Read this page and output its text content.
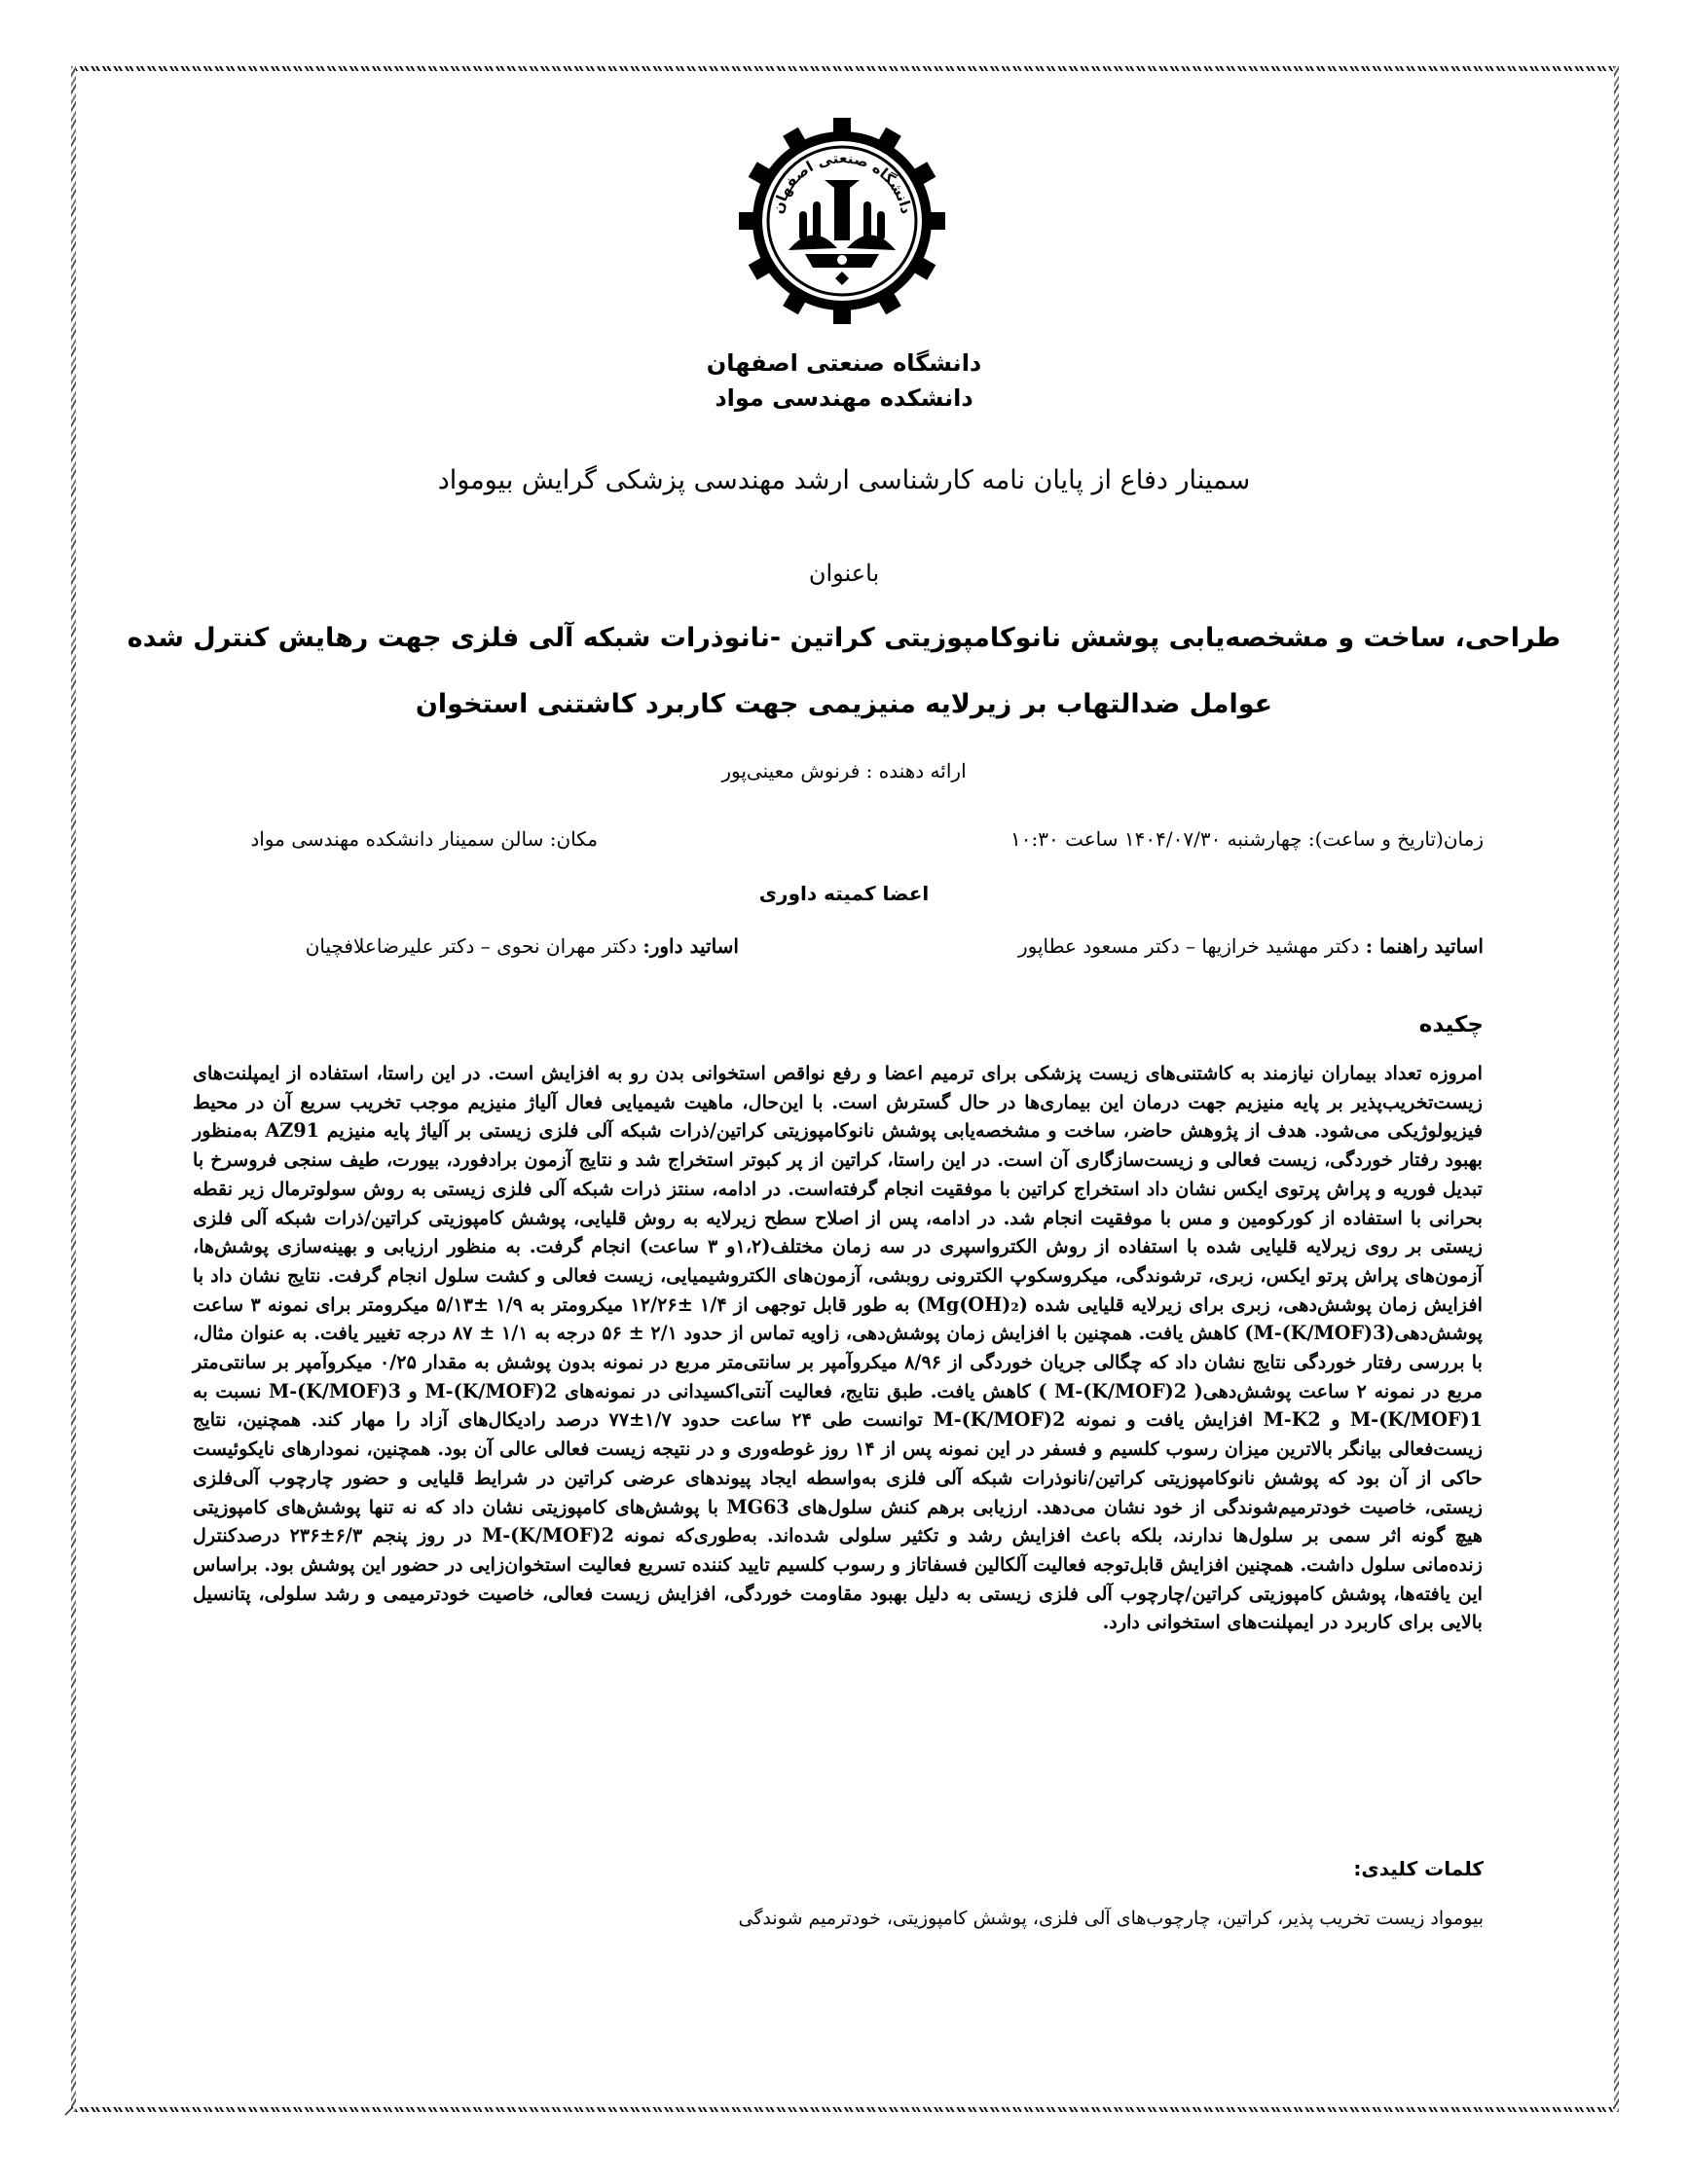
دانشگاه صنعتی اصفهان
دانشگاه صنعتی اصفهان
دانشکده مهندسی مواد
سمینار دفاع از پایان نامه کارشناسی ارشد مهندسی پزشکی گرایش بیومواد
باعنوان
طراحی، ساخت و مشخصه‌یابی پوشش نانوکامپوزیتی کراتین -نانوذرات شبکه آلی فلزی جهت رهایش کنترل شده
عوامل ضدالتهاب بر زیرلایه منیزیمی جهت کاربرد کاشتنی استخوان
ارائه دهنده : فرنوش معینی‌پور
زمان(تاریخ و ساعت): چهارشنبه ۱۴۰۴/۰۷/۳۰ ساعت ۱۰:۳۰
مکان: سالن سمینار دانشکده مهندسی مواد
اعضا کمیته داوری
اساتید راهنما : دکتر مهشید خرازیها – دکتر مسعود عطاپور
اساتید داور: دکتر مهران نحوی – دکتر علیرضاعلافچیان
چکیده
امروزه تعداد بیماران نیازمند به کاشتنی‌های زیست پزشکی برای ترمیم اعضا و رفع نواقص استخوانی بدن رو به افزایش است. در این راستا، استفاده از ایمپلنت‌های زیست‌تخریب‌پذیر بر پایه منیزیم جهت درمان این بیماری‌ها در حال گسترش است. با این‌حال، ماهیت شیمیایی فعال آلیاژ منیزیم موجب تخریب سریع آن در محیط فیزیولوژیکی می‌شود. هدف از پژوهش حاضر، ساخت و مشخصه‌یابی پوشش نانوکامپوزیتی کراتین/ذرات شبکه آلی فلزی زیستی بر آلیاژ پایه منیزیم AZ91 به‌منظور بهبود رفتار خوردگی، زیست فعالی و زیست‌سازگاری آن است. در این راستا، کراتین از پر کبوتر استخراج شد و نتایج آزمون برادفورد، بیورت، طیف سنجی فروسرخ با تبدیل فوریه و پراش پرتوی ایکس نشان داد استخراج کراتین با موفقیت انجام گرفته‌است. در ادامه، سنتز ذرات شبکه آلی فلزی زیستی به روش سولوترمال زیر نقطه بحرانی با استفاده از کورکومین و مس با موفقیت انجام شد. در ادامه، پس از اصلاح سطح زیرلایه به روش قلیایی، پوشش کامپوزیتی کراتین/ذرات شبکه آلی فلزی زیستی بر روی زیرلایه قلیایی شده با استفاده از روش الکترواسپری در سه زمان مختلف(۱،۲و ۳ ساعت) انجام گرفت. به منظور ارزیابی و بهینه‌سازی پوشش‌ها، آزمون‌های پراش پرتو ایکس، زبری، ترشوندگی، میکروسکوپ الکترونی روبشی، آزمون‌های الکتروشیمیایی، زیست فعالی و کشت سلول انجام گرفت. نتایج نشان داد با افزایش زمان پوشش‌دهی، زبری برای زیرلایه قلیایی شده (Mg(OH)₂) به طور قابل توجهی از ۱/۴ ±۱۲/۲۶ میکرومتر به ۱/۹ ±۵/۱۳ میکرومتر برای نمونه ۳ ساعت پوشش‌دهی(M-(K/MOF)3) کاهش یافت. همچنین با افزایش زمان پوشش‌دهی، زاویه تماس از حدود ۲/۱ ± ۵۶ درجه به ۱/۱ ± ۸۷ درجه تغییر یافت. به عنوان مثال، با بررسی رفتار خوردگی نتایج نشان داد که چگالی جریان خوردگی از ۸/۹۶ میکروآمپر بر سانتی‌متر مربع در نمونه بدون پوشش به مقدار ۰/۲۵ میکروآمپر بر سانتی‌متر مربع در نمونه ۲ ساعت پوشش‌دهی( M-(K/MOF)2 ) کاهش یافت. طبق نتایج، فعالیت آنتی‌اکسیدانی در نمونه‌های M-(K/MOF)2 و M-(K/MOF)3 نسبت به M-(K/MOF)1 و M-K2 افزایش یافت و نمونه M-(K/MOF)2 توانست طی ۲۴ ساعت حدود ۱/۷±۷۷ درصد رادیکال‌های آزاد را مهار کند. همچنین، نتایج زیست‌فعالی بیانگر بالاترین میزان رسوب کلسیم و فسفر در این نمونه پس از ۱۴ روز غوطه‌وری و در نتیجه زیست فعالی عالی آن بود. همچنین، نمودارهای نایکوئیست حاکی از آن بود که پوشش نانوکامپوزیتی کراتین/نانوذرات شبکه آلی فلزی به‌واسطه ایجاد پیوندهای عرضی کراتین در شرایط قلیایی و حضور چارچوب آلی‌فلزی زیستی، خاصیت خودترمیم‌شوندگی از خود نشان می‌دهد. ارزیابی برهم کنش سلول‌های MG63 با پوشش‌های کامپوزیتی نشان داد که نه تنها پوشش‌های کامپوزیتی هیچ گونه اثر سمی بر سلول‌ها ندارند، بلکه باعث افزایش رشد و تکثیر سلولی شده‌اند. به‌طوری‌که نمونه M-(K/MOF)2 در روز پنجم ۶/۳±۲۳۶ درصدکنترل زنده‌مانی سلول داشت. همچنین افزایش قابل‌توجه فعالیت آلکالین فسفاتاز و رسوب کلسیم تایید کننده تسریع فعالیت استخوان‌زایی در حضور این پوشش بود. براساس این یافته‌ها، پوشش کامپوزیتی کراتین/چارچوب آلی فلزی زیستی به دلیل بهبود مقاومت خوردگی، افزایش زیست فعالی، خاصیت خودترمیمی و رشد سلولی، پتانسیل بالایی برای کاربرد در ایمپلنت‌های استخوانی دارد.
کلمات کلیدی:
بیومواد زیست تخریب پذیر، کراتین، چارچوب‌های آلی فلزی، پوشش کامپوزیتی، خودترمیم شوندگی
